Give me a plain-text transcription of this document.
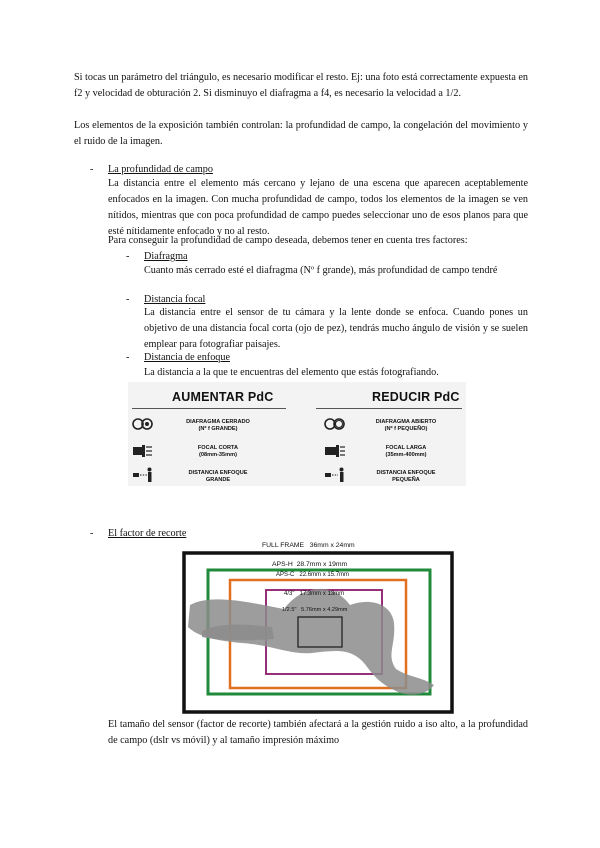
Si tocas un parámetro del triángulo, es necesario modificar el resto. Ej: una foto está correctamente expuesta en f2 y velocidad de obturación 2. Si disminuyo el diafragma a f4, es necesario la velocidad a 1/2.

Los elementos de la exposición también controlan: la profundidad de campo, la congelación del movimiento y el ruido de la imagen.

- La profundidad de campo

La distancia entre el elemento más cercano y lejano de una escena que aparecen aceptablemente enfocados en la imagen. Con mucha profundidad de campo, todos los elementos de la imagen se ven nítidos, mientras que con poca profundidad de campo puedes seleccionar uno de esos planos para que esté nítidamente enfocado y no al resto.

Para conseguir la profundidad de campo deseada, debemos tener en cuenta tres factores:

- Diafragma

Cuanto más cerrado esté el diafragma (Nº f grande), más profundidad de campo tendré

- Distancia focal

La distancia entre el sensor de tu cámara y la lente donde se enfoca. Cuando pones un objetivo de una distancia focal corta (ojo de pez), tendrás mucho ángulo de visión y se suelen emplear para fotografiar paisajes.

- Distancia de enfoque

La distancia a la que te encuentras del elemento que estás fotografiando.

AUMENTAR PdC	REDUCIR PdC
DIAFRAGMA CERRADO
(Nº f GRANDE)
FOCAL CORTA
(08mm-35mm)
DISTANCIA ENFOQUE
GRANDE
DIAFRAGMA ABIERTO
(Nº f PEQUEÑO)
FOCAL LARGA
(35mm-400mm)
DISTANCIA ENFOQUE
PEQUEÑA
- El factor de recorte
FULL FRAME 36mm x 24mm
APS-H 28.7mm x 19mm
APS-C 22.6mm x 15.7mm
4/3" 17.3mm x 13mm
1/2.5" 5.76mm x 4.29mm

El tamaño del sensor (factor de recorte) también afectará a la gestión ruido a iso alto, a la profundidad de campo (dslr vs móvil) y al tamaño impresión máximo
